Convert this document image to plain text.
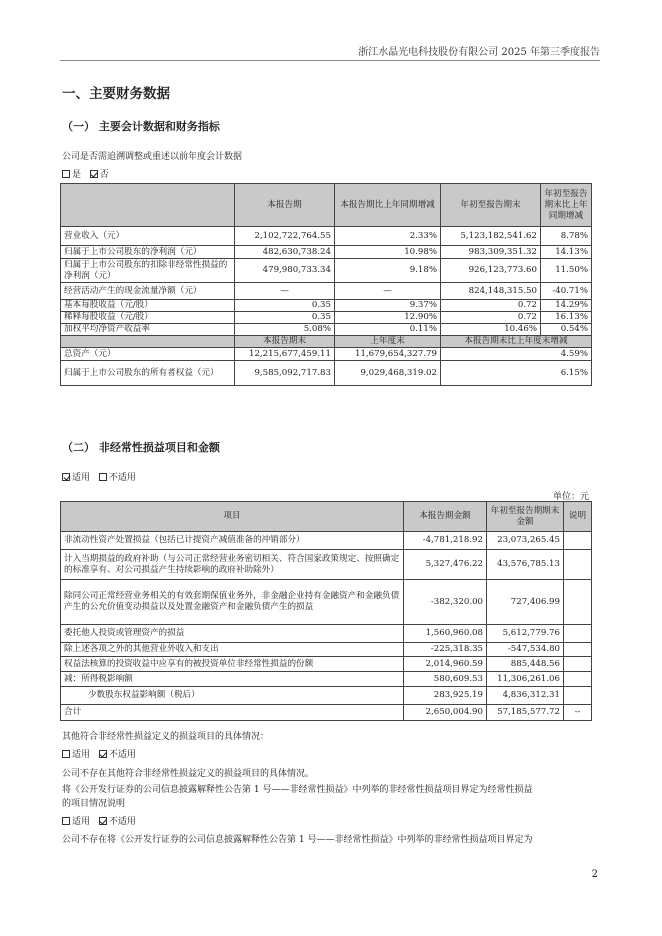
浙江水晶光电科技股份有限公司 2025 年第三季度报告
一、主要财务数据
（一） 主要会计数据和财务指标
公司是否需追溯调整或重述以前年度会计数据
是 否
	本报告期	本报告期比上年同期增减	年初至报告期末	年初至报告期末比上年同期增减
营业收入（元）	2,102,722,764.55	2.33%	5,123,182,541.62	8.78%
归属于上市公司股东的净利润（元）	482,630,738.24	10.98%	983,309,351.32	14.13%
归属于上市公司股东的扣除非经常性损益的净利润（元）	479,980,733.34	9.18%	926,123,773.60	11.50%
经营活动产生的现金流量净额（元）	—	—	824,148,315.50	-40.71%
基本每股收益（元/股）	0.35	9.37%	0.72	14.29%
稀释每股收益（元/股）	0.35	12.90%	0.72	16.13%
加权平均净资产收益率	5.08%	0.11%	10.46%	0.54%
	本报告期末	上年度末	本报告期末比上年度末增减	
总资产（元）	12,215,677,459.11	11,679,654,327.79	4.59%	
归属于上市公司股东的所有者权益（元）	9,585,092,717.83	9,029,468,319.02	6.15%	
（二） 非经常性损益项目和金额
适用 不适用
单位：元
项目	本报告期金额	年初至报告期期末金额	说明
非流动性资产处置损益（包括已计提资产减值准备的冲销部分）	-4,781,218.92	23,073,265.45	
计入当期损益的政府补助（与公司正常经营业务密切相关、符合国家政策规定、按照确定的标准享有、对公司损益产生持续影响的政府补助除外）	5,327,476.22	43,576,785.13	
除同公司正常经营业务相关的有效套期保值业务外，非金融企业持有金融资产和金融负债产生的公允价值变动损益以及处置金融资产和金融负债产生的损益	-382,320.00	727,406.99	
委托他人投资或管理资产的损益	1,560,960.08	5,612,779.76	
除上述各项之外的其他营业外收入和支出	-225,318.35	-547,534.80	
权益法核算的投资收益中应享有的被投资单位非经常性损益的份额	2,014,960.59	885,448.56	
减：所得税影响额	580,609.53	11,306,261.06	
少数股东权益影响额（税后）	283,925.19	4,836,312.31	
合计	2,650,004.90	57,185,577.72	--
其他符合非经常性损益定义的损益项目的具体情况：
适用 不适用
公司不存在其他符合非经常性损益定义的损益项目的具体情况。
将《公开发行证券的公司信息披露解释性公告第 1 号——非经常性损益》中列举的非经常性损益项目界定为经常性损益
的项目情况说明
适用 不适用
公司不存在将《公开发行证券的公司信息披露解释性公告第 1 号——非经常性损益》中列举的非经常性损益项目界定为
2
